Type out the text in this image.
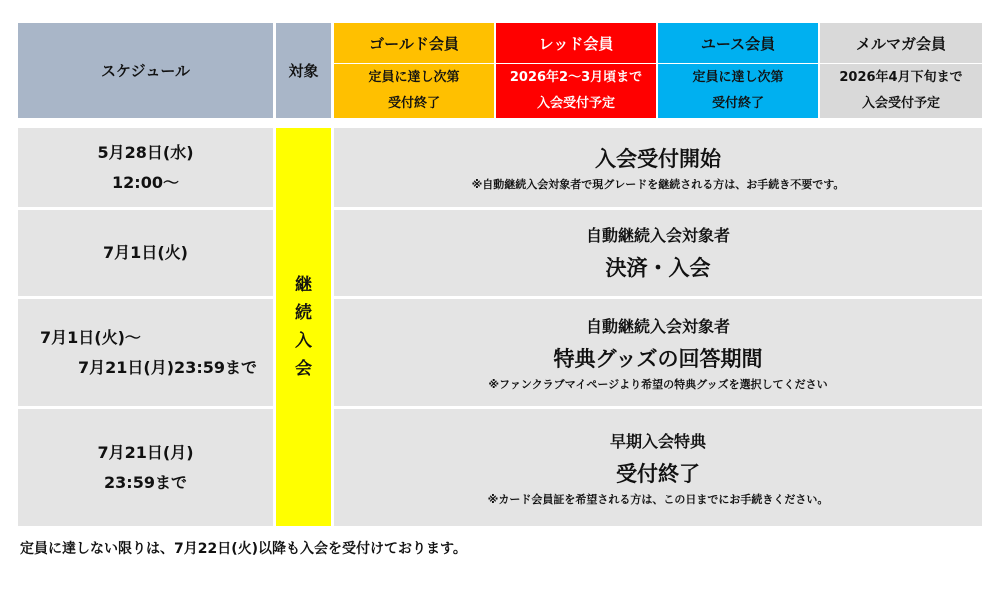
スケジュール	対象
ゴールド会員
定員に達し次第
受付終了
レッド会員
2026年2～3月頃まで
入会受付予定
ユース会員
定員に達し次第
受付終了
メルマガ会員
2026年4月下旬まで
入会受付予定
継
続
入
会
5月28日(水)
12:00～
入会受付開始
※自動継続入会対象者で現グレードを継続される方は、お手続き不要です。
7月1日(火)
自動継続入会対象者
決済・入会
7月1日(火)～
7月21日(月)23:59まで
自動継続入会対象者
特典グッズの回答期間
※ファンクラブマイページより希望の特典グッズを選択してください
7月21日(月)
23:59まで
早期入会特典
受付終了
※カード会員証を希望される方は、この日までにお手続きください。
定員に達しない限りは、7月22日(火)以降も入会を受付けております。
